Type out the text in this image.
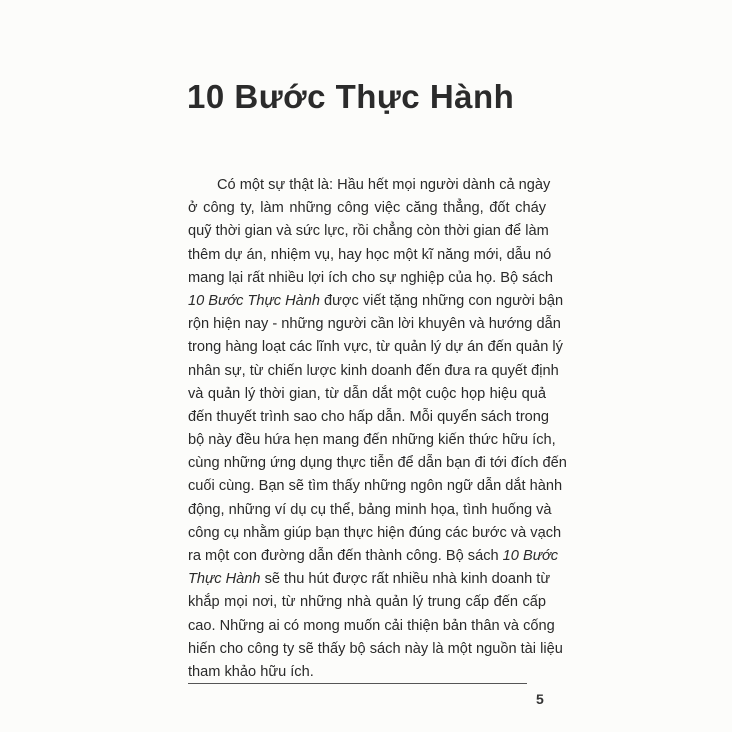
10 Bước Thực Hành
Có một sự thật là: Hầu hết mọi người dành cả ngày
ở công ty, làm những công việc căng thẳng, đốt cháy
quỹ thời gian và sức lực, rồi chẳng còn thời gian để làm
thêm dự án, nhiệm vụ, hay học một kĩ năng mới, dẫu nó
mang lại rất nhiều lợi ích cho sự nghiệp của họ. Bộ sách
10 Bước Thực Hành được viết tặng những con người bận
rộn hiện nay - những người cần lời khuyên và hướng dẫn
trong hàng loạt các lĩnh vực, từ quản lý dự án đến quản lý
nhân sự, từ chiến lược kinh doanh đến đưa ra quyết định
và quản lý thời gian, từ dẫn dắt một cuộc họp hiệu quả
đến thuyết trình sao cho hấp dẫn. Mỗi quyển sách trong
bộ này đều hứa hẹn mang đến những kiến thức hữu ích,
cùng những ứng dụng thực tiễn để dẫn bạn đi tới đích đến
cuối cùng. Bạn sẽ tìm thấy những ngôn ngữ dẫn dắt hành
động, những ví dụ cụ thể, bảng minh họa, tình huống và
công cụ nhằm giúp bạn thực hiện đúng các bước và vạch
ra một con đường dẫn đến thành công. Bộ sách 10 Bước
Thực Hành sẽ thu hút được rất nhiều nhà kinh doanh từ
khắp mọi nơi, từ những nhà quản lý trung cấp đến cấp
cao. Những ai có mong muốn cải thiện bản thân và cống
hiến cho công ty sẽ thấy bộ sách này là một nguồn tài liệu
tham khảo hữu ích.
5
